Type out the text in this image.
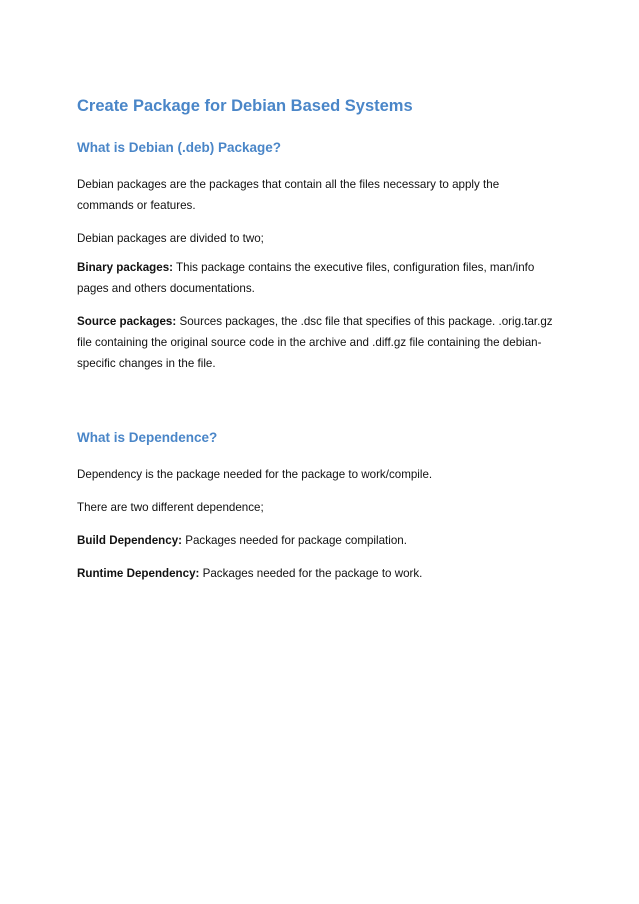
Create Package for Debian Based Systems
What is Debian (.deb) Package?

Debian packages are the packages that contain all the files necessary to apply the commands or features.

Debian packages are divided to two;

Binary packages: This package contains the executive files, configuration files, man/info pages and others documentations.

Source packages: Sources packages, the .dsc file that specifies of this package. .orig.tar.gz file containing the original source code in the archive and .diff.gz file containing the debian-specific changes in the file.

What is Dependence?

Dependency is the package needed for the package to work/compile.

There are two different dependence;

Build Dependency: Packages needed for package compilation.

Runtime Dependency: Packages needed for the package to work.
